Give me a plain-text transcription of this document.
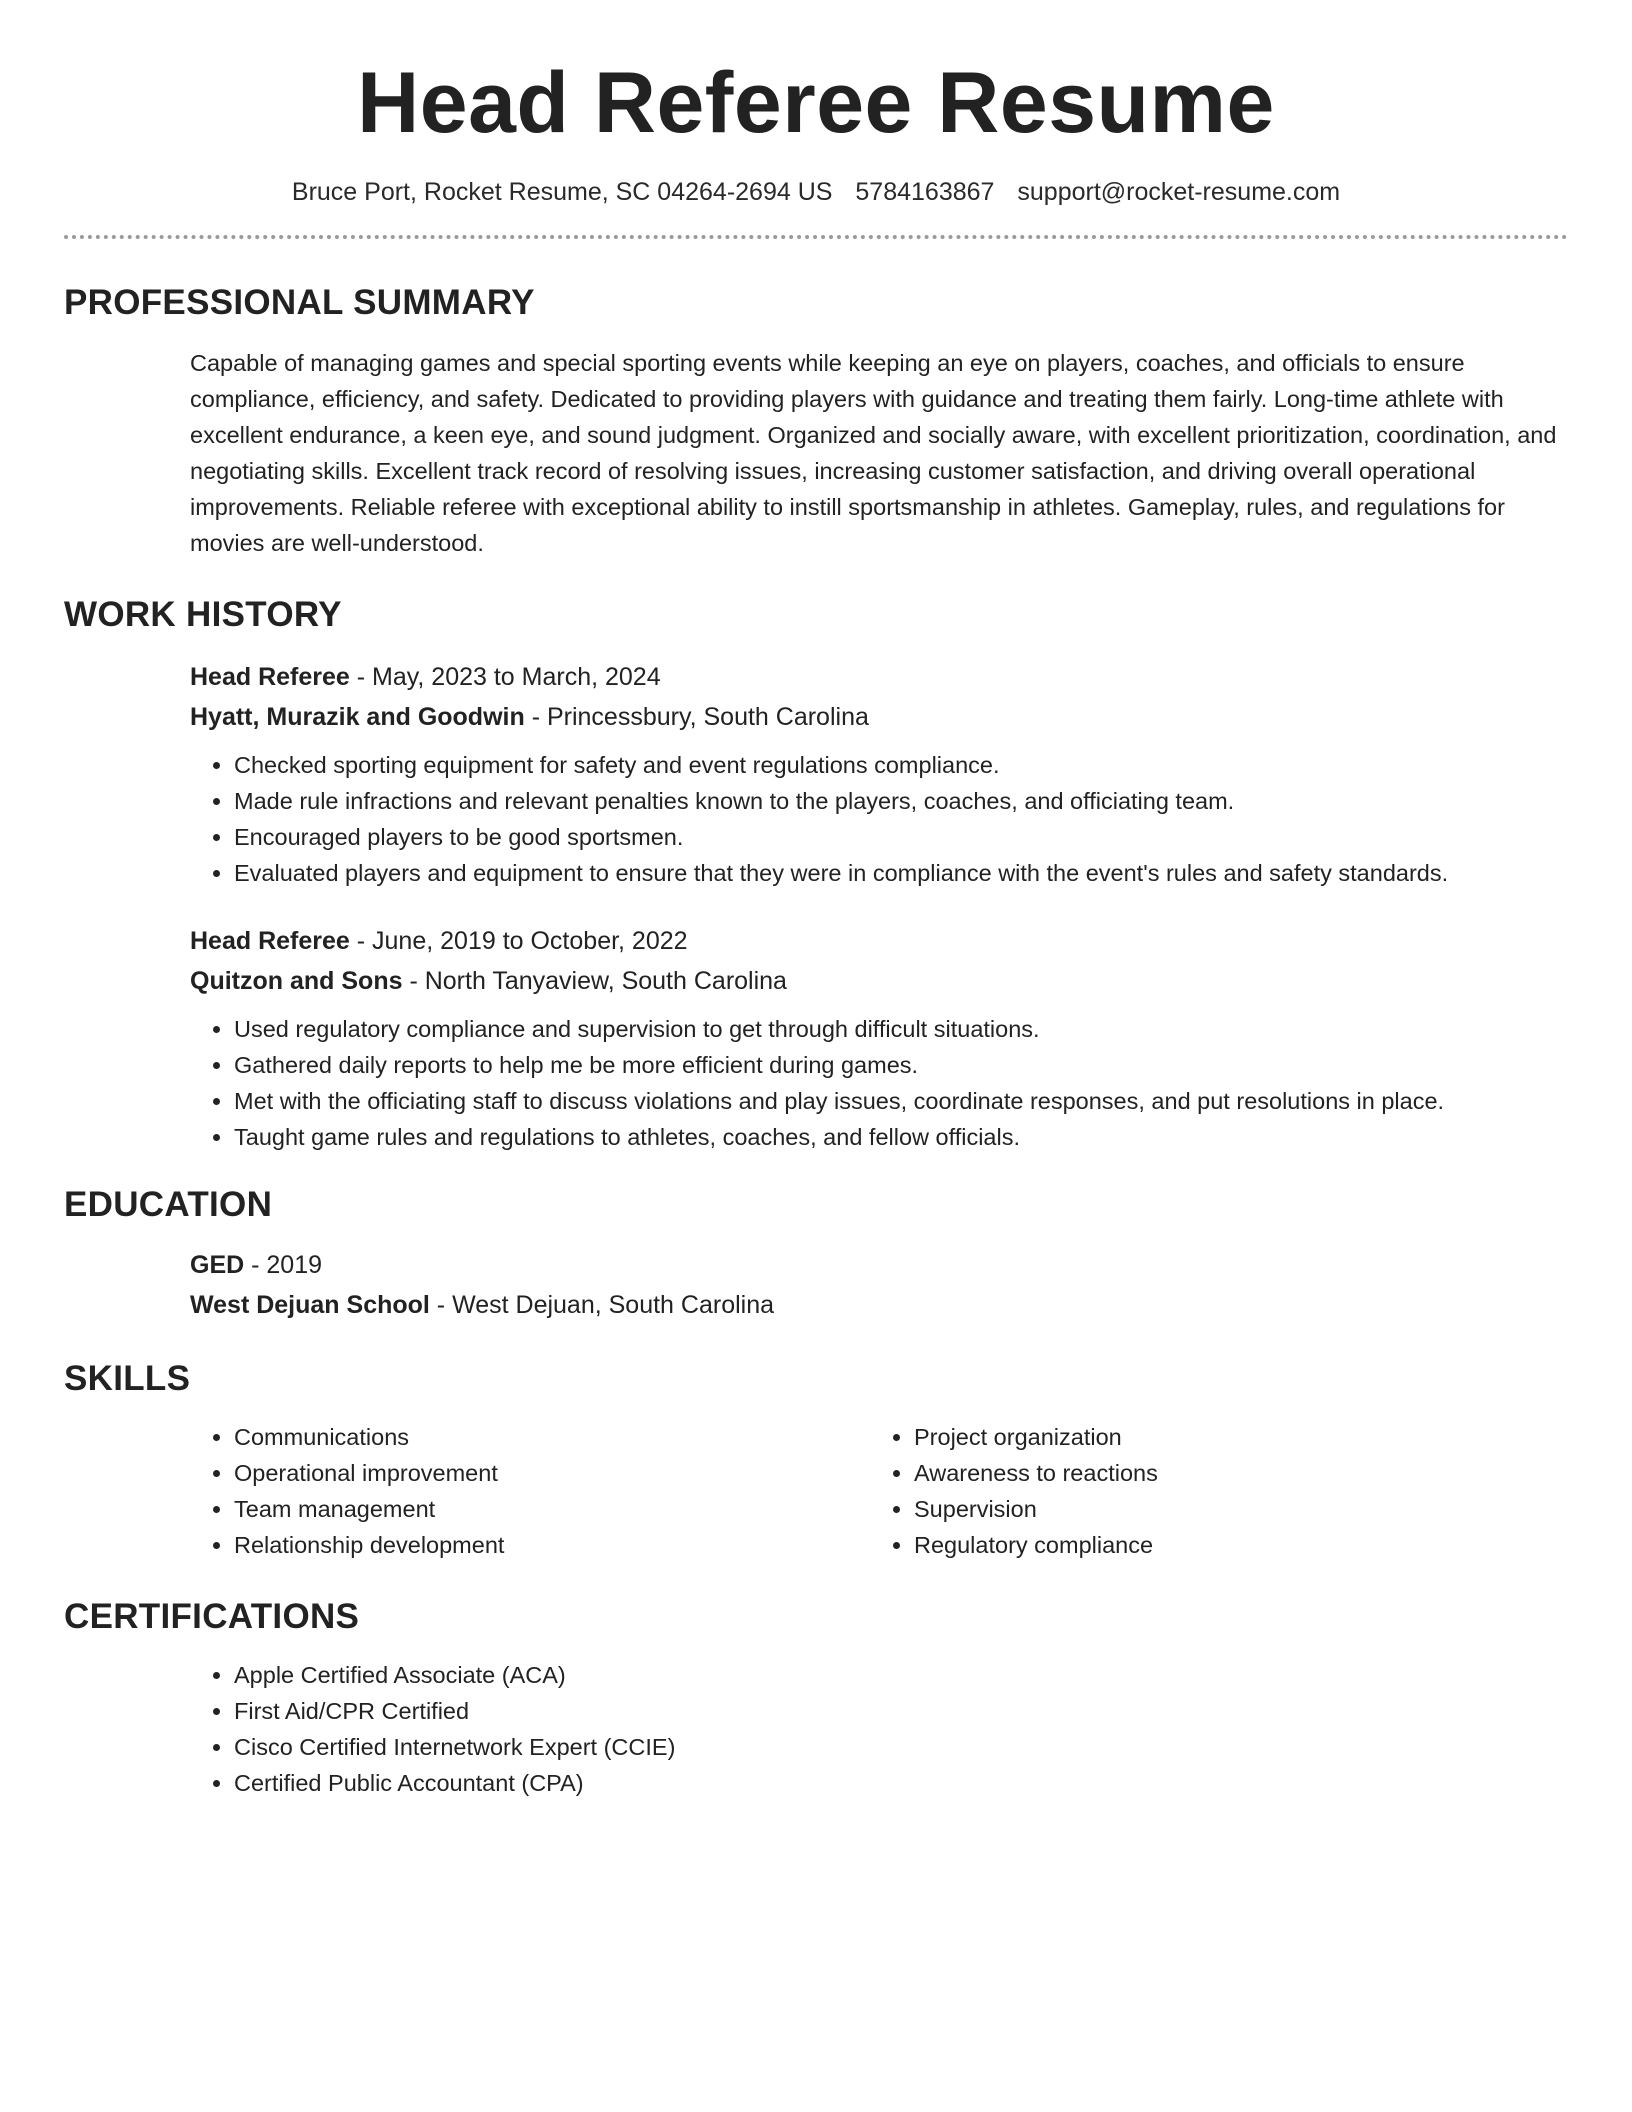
Head Referee Resume
Bruce Port, Rocket Resume, SC 04264-2694 US 5784163867 support@rocket-resume.com
PROFESSIONAL SUMMARY
Capable of managing games and special sporting events while keeping an eye on players, coaches, and officials to ensure compliance, efficiency, and safety. Dedicated to providing players with guidance and treating them fairly. Long-time athlete with excellent endurance, a keen eye, and sound judgment. Organized and socially aware, with excellent prioritization, coordination, and negotiating skills. Excellent track record of resolving issues, increasing customer satisfaction, and driving overall operational improvements. Reliable referee with exceptional ability to instill sportsmanship in athletes. Gameplay, rules, and regulations for movies are well-understood.
WORK HISTORY
Head Referee - May, 2023 to March, 2024
Hyatt, Murazik and Goodwin - Princessbury, South Carolina
• Checked sporting equipment for safety and event regulations compliance.
• Made rule infractions and relevant penalties known to the players, coaches, and officiating team.
• Encouraged players to be good sportsmen.
• Evaluated players and equipment to ensure that they were in compliance with the event's rules and safety standards.
Head Referee - June, 2019 to October, 2022
Quitzon and Sons - North Tanyaview, South Carolina
• Used regulatory compliance and supervision to get through difficult situations.
• Gathered daily reports to help me be more efficient during games.
• Met with the officiating staff to discuss violations and play issues, coordinate responses, and put resolutions in place.
• Taught game rules and regulations to athletes, coaches, and fellow officials.
EDUCATION
GED - 2019
West Dejuan School - West Dejuan, South Carolina
SKILLS
• Communications
• Operational improvement
• Team management
• Relationship development
• Project organization
• Awareness to reactions
• Supervision
• Regulatory compliance
CERTIFICATIONS
• Apple Certified Associate (ACA)
• First Aid/CPR Certified
• Cisco Certified Internetwork Expert (CCIE)
• Certified Public Accountant (CPA)
